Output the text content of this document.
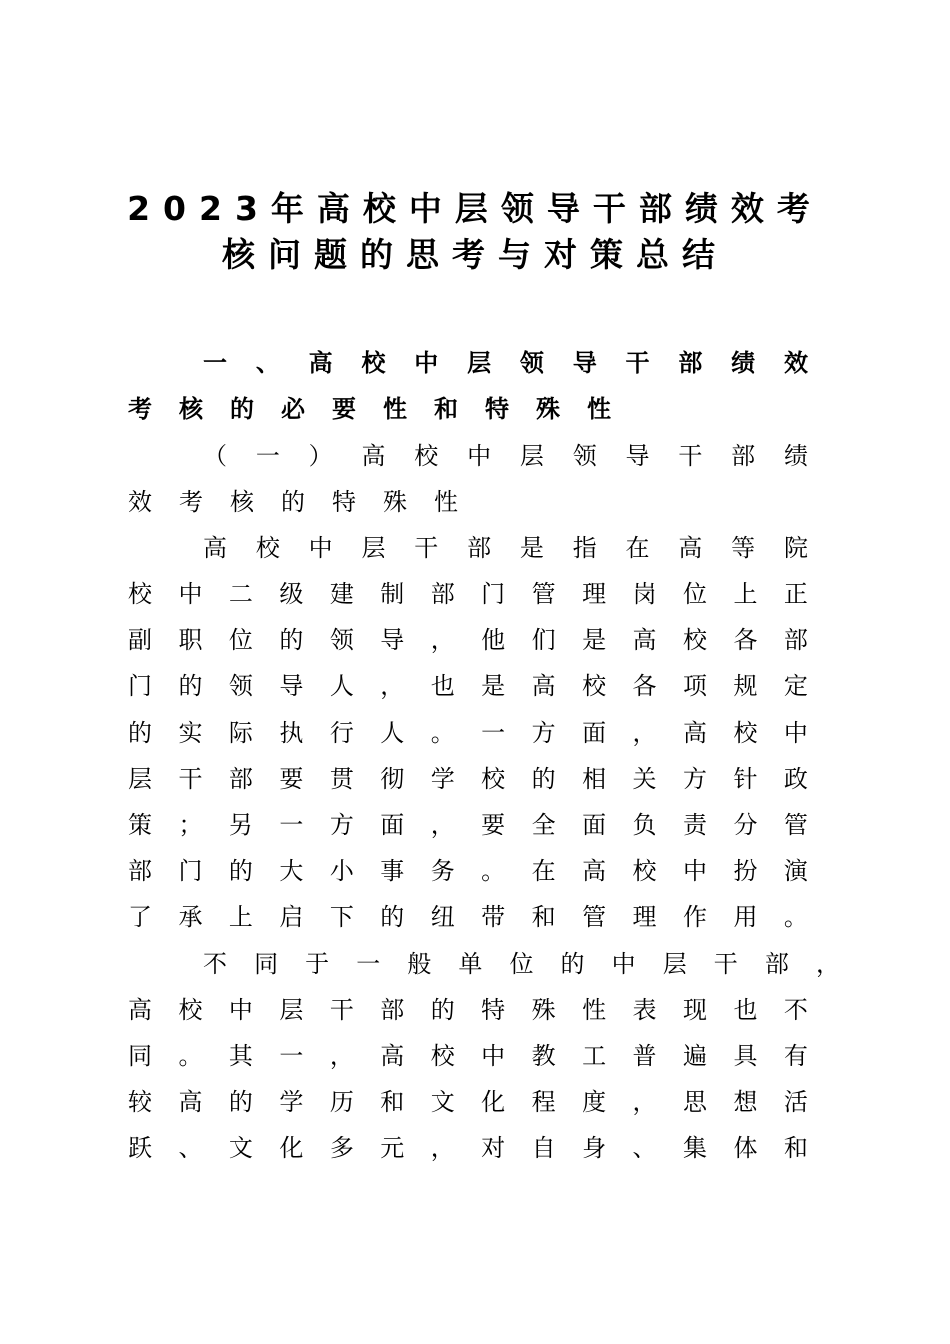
2023年高校中层领导干部绩效考
核问题的思考与对策总结
一 、 高 校 中 层 领 导 干 部 绩 效
考 核 的 必 要 性 和 特 殊 性
（ 一 ） 高 校 中 层 领 导 干 部 绩
效 考 核 的 特 殊 性
高 校 中 层 干 部 是 指 在 高 等 院
校 中 二 级 建 制 部 门 管 理 岗 位 上 正
副 职 位 的 领 导 ， 他 们 是 高 校 各 部
门 的 领 导 人 ， 也 是 高 校 各 项 规 定
的 实 际 执 行 人 。 一 方 面 ， 高 校 中
层 干 部 要 贯 彻 学 校 的 相 关 方 针 政
策 ； 另 一 方 面 ， 要 全 面 负 责 分 管
部 门 的 大 小 事 务 。 在 高 校 中 扮 演
了 承 上 启 下 的 纽 带 和 管 理 作 用 。
不 同 于 一 般 单 位 的 中 层 干 部 ，
高 校 中 层 干 部 的 特 殊 性 表 现 也 不
同 。 其 一 ， 高 校 中 教 工 普 遍 具 有
较 高 的 学 历 和 文 化 程 度 ， 思 想 活
跃 、 文 化 多 元 ， 对 自 身 、 集 体 和
